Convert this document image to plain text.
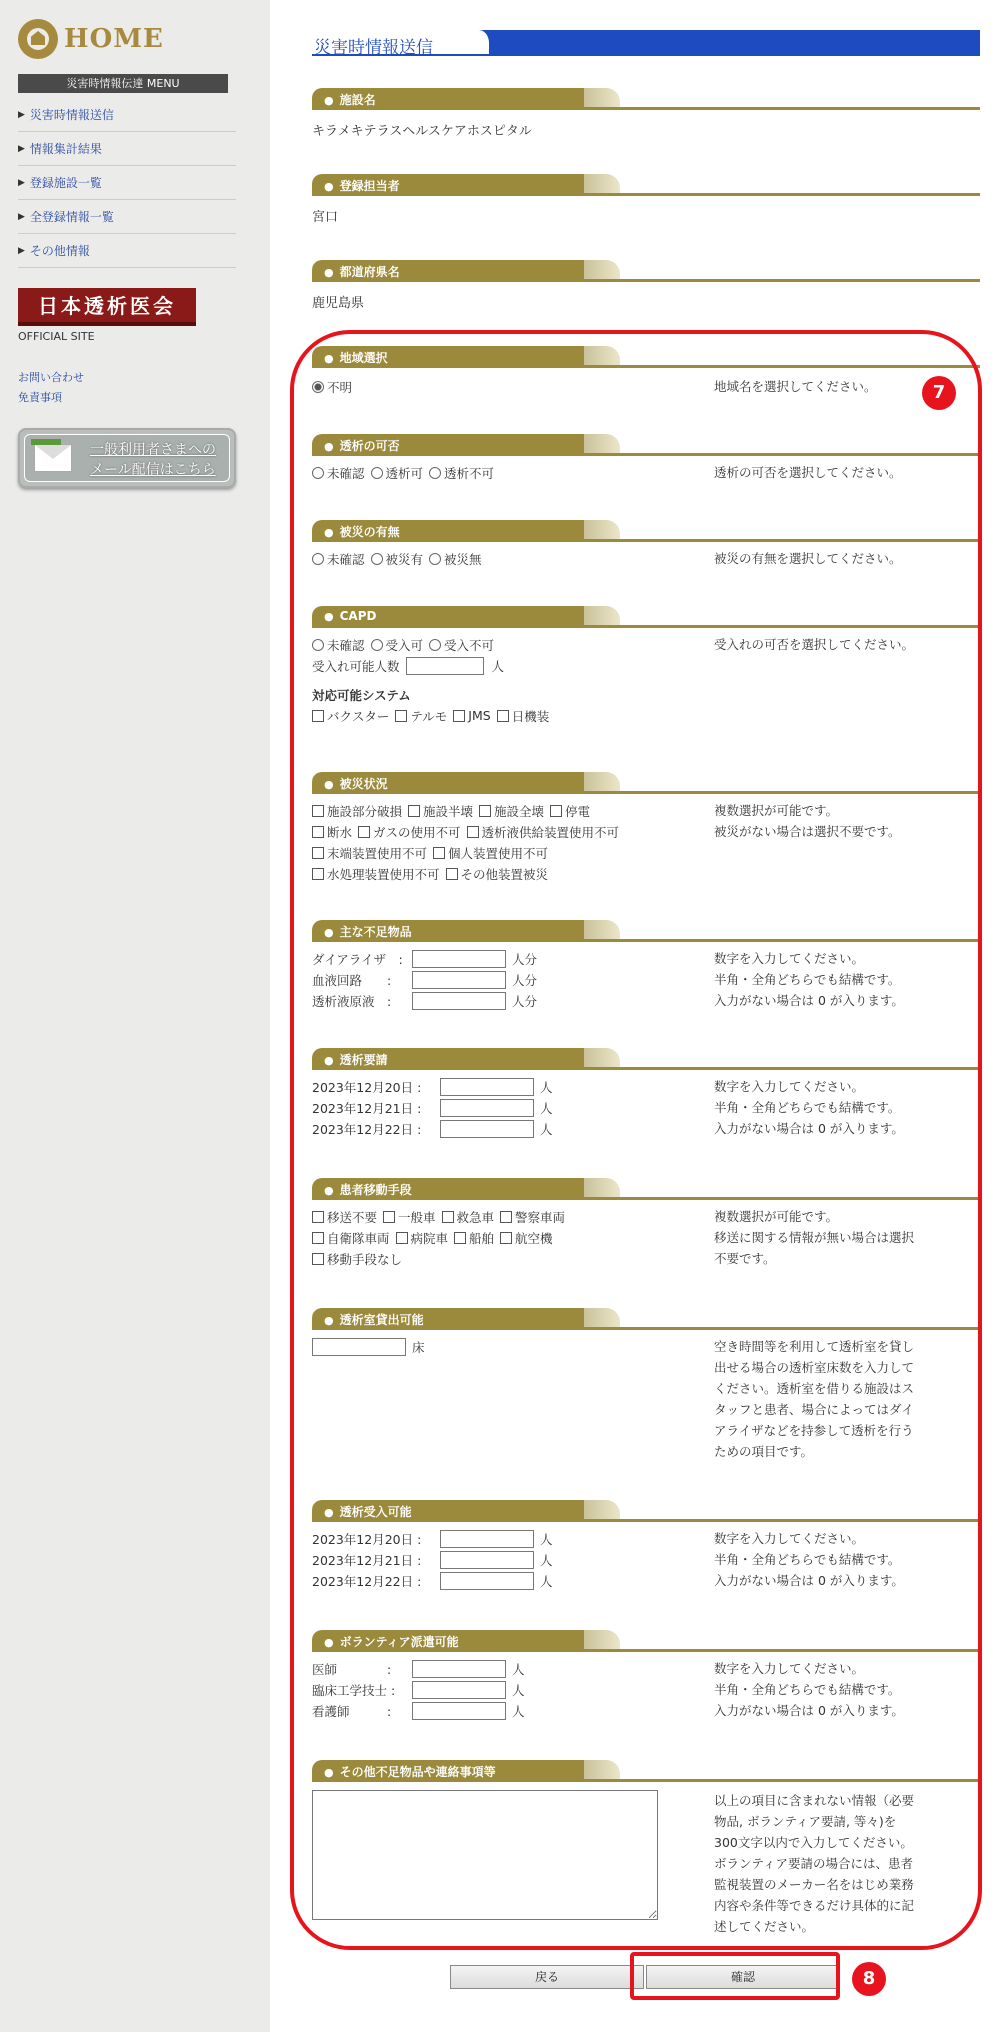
HOME
災害時情報伝達 MENU
▶ 災害時情報送信
▶ 情報集計結果
▶ 登録施設一覧
▶ 全登録情報一覧
▶ その他情報
日本透析医会
OFFICIAL SITE
お問い合わせ
免責事項
一般利用者さまへの
メール配信はこちら
災害時情報送信
● 施設名
キラメキテラスヘルスケアホスピタル
● 登録担当者
宮口
● 都道府県名
鹿児島県
● 地域選択
不明	地域名を選択してください。
● 透析の可否
未確認 透析可 透析不可	透析の可否を選択してください。
● 被災の有無
未確認 被災有 被災無	被災の有無を選択してください。
● CAPD
未確認 受入可 受入不可
受入れ可能人数	人
対応可能システム
バクスター テルモ JMS 日機装
受入れの可否を選択してください。
● 被災状況
施設部分破損 施設半壊 施設全壊 停電
断水 ガスの使用不可 透析液供給装置使用不可
末端装置使用不可 個人装置使用不可
水処理装置使用不可 その他装置被災
複数選択が可能です。
被災がない場合は選択不要です。
● 主な不足物品
ダイアライザ　:	人分
血液回路　　:	人分
透析液原液　:	人分
数字を入力してください。
半角・全角どちらでも結構です。
入力がない場合は 0 が入ります。
● 透析要請
2023年12月20日 :	人
2023年12月21日 :	人
2023年12月22日 :	人
数字を入力してください。
半角・全角どちらでも結構です。
入力がない場合は 0 が入ります。
● 患者移動手段
移送不要 一般車 救急車 警察車両
自衛隊車両 病院車 船舶 航空機
移動手段なし
複数選択が可能です。
移送に関する情報が無い場合は選択
不要です。
● 透析室貸出可能
床	空き時間等を利用して透析室を貸し
出せる場合の透析室床数を入力して
ください。透析室を借りる施設はス
タッフと患者、場合によってはダイ
アライザなどを持参して透析を行う
ための項目です。
● 透析受入可能
2023年12月20日 :	人
2023年12月21日 :	人
2023年12月22日 :	人
数字を入力してください。
半角・全角どちらでも結構です。
入力がない場合は 0 が入ります。
● ボランティア派遣可能
医師　　　　:	人
臨床工学技士 :	人
看護師　　　:	人
数字を入力してください。
半角・全角どちらでも結構です。
入力がない場合は 0 が入ります。
● その他不足物品や連絡事項等
以上の項目に含まれない情報（必要
物品, ボランティア要請, 等々)を
300文字以内で入力してください。
ボランティア要請の場合には、患者
監視装置のメーカー名をはじめ業務
内容や条件等できるだけ具体的に記
述してください。
戻る	確認
7
8
